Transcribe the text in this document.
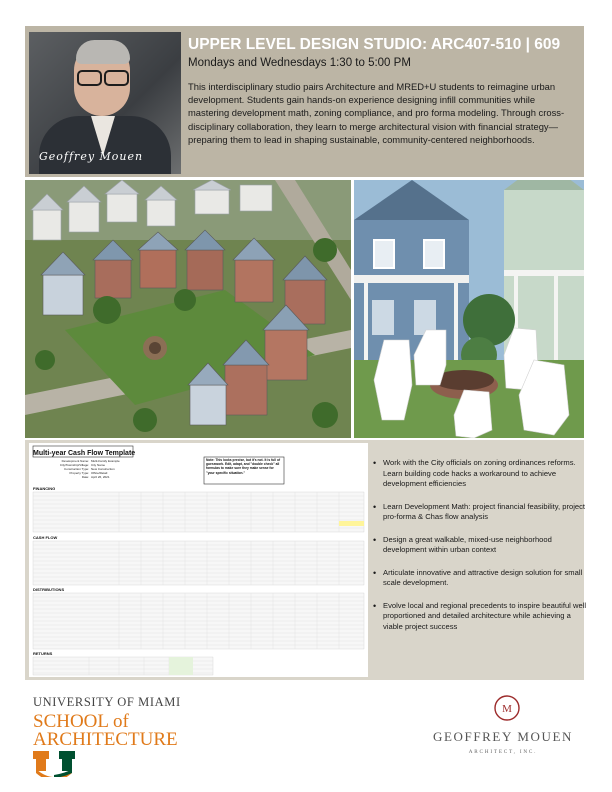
Geoffrey Mouen
UPPER LEVEL DESIGN STUDIO: ARC407-510 | 609
Mondays and Wednesdays 1:30 to 5:00 PM
This interdisciplinary studio pairs Architecture and MRED+U students to reimagine urban development. Students gain hands-on experience designing infill communities while mastering development math, zoning compliance, and pro forma modeling. Through cross-disciplinary collaboration, they learn to merge architectural vision with financial strategy—preparing them to lead in shaping sustainable, community-centered neighborhoods.
Multi-year Cash Flow Template
Note: This looks precise, but it's not. It is full of guesswork. Edit, adapt, and "double check" all formulas to make sure they make sense for "your specific situation."
Development Name: Multi-Family Example
City/Township/Village: City Name
Construction Type: New Construction
Property Type: Office/Retail
Date: April 26, 2021
FINANCING
CASH FLOW
DISTRIBUTIONS
RETURNS
• Work with the City officials on zoning ordinances reforms. Learn building code hacks a workaround to achieve development efficiencies
• Learn Development Math: project financial feasibility, project pro-forma & Chas flow analysis
• Design a great walkable, mixed-use neighborhood development within urban context
• Articulate innovative and attractive design solution for small scale development.
• Evolve local and regional precedents to inspire beautiful well proportioned and detailed architecture while achieving a viable project success
UNIVERSITY OF MIAMI
SCHOOL of
ARCHITECTURE
M
GEOFFREY MOUEN
ARCHITECT, INC.
